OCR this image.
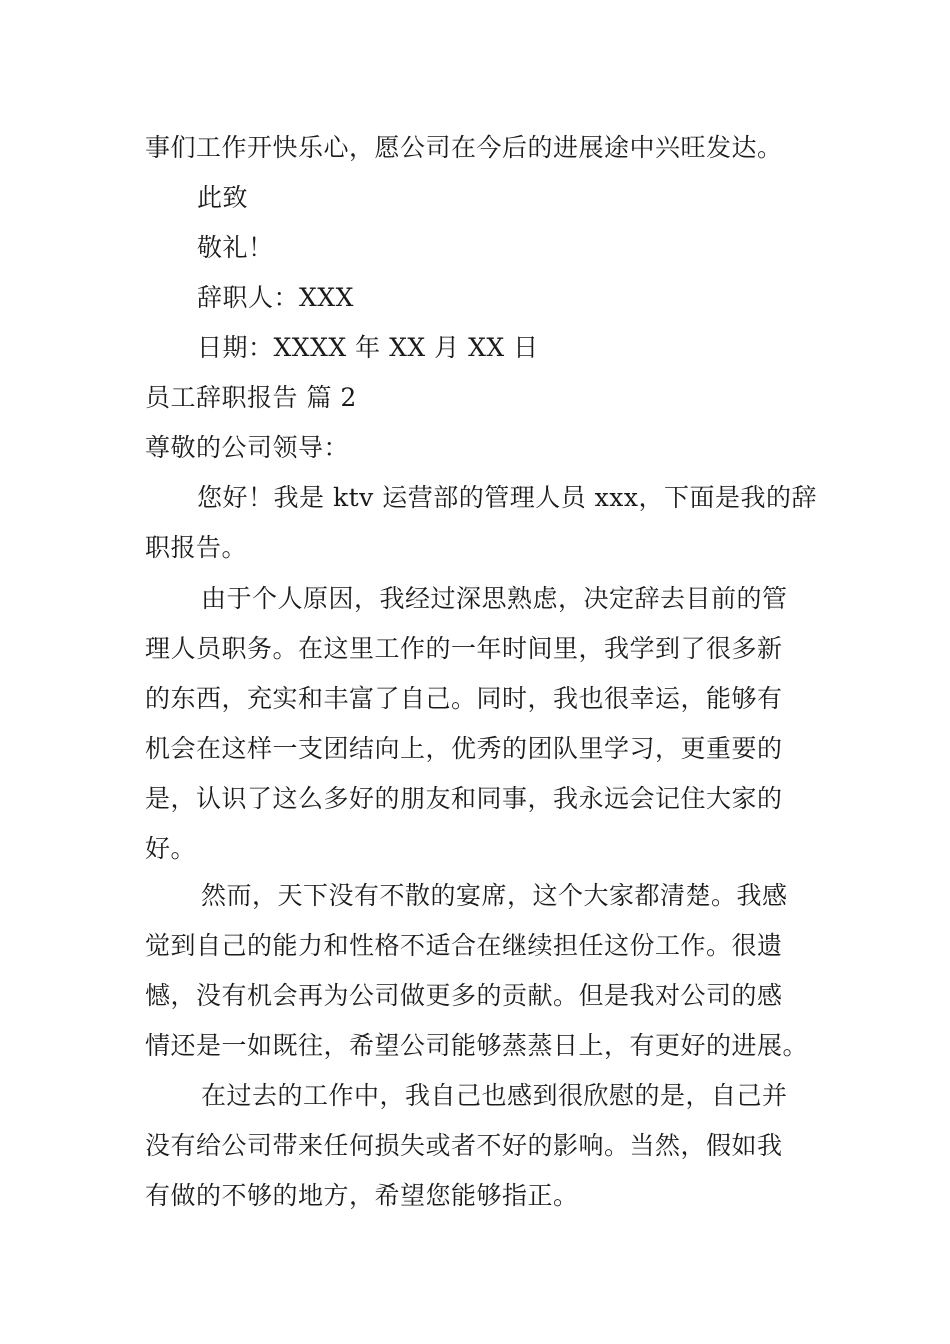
事们工作开快乐心，愿公司在今后的进展途中兴旺发达。
此致
敬礼！
辞职人：XXX
日期：XXXX 年 XX 月 XX 日
员工辞职报告 篇 2
尊敬的公司领导：
您好！我是 ktv 运营部的管理人员 xxx，下面是我的辞
职报告。
由于个人原因，我经过深思熟虑，决定辞去目前的管
理人员职务。在这里工作的一年时间里，我学到了很多新
的东西，充实和丰富了自己。同时，我也很幸运，能够有
机会在这样一支团结向上，优秀的团队里学习，更重要的
是，认识了这么多好的朋友和同事，我永远会记住大家的
好。
然而，天下没有不散的宴席，这个大家都清楚。我感
觉到自己的能力和性格不适合在继续担任这份工作。很遗
憾，没有机会再为公司做更多的贡献。但是我对公司的感
情还是一如既往，希望公司能够蒸蒸日上，有更好的进展。
在过去的工作中，我自己也感到很欣慰的是，自己并
没有给公司带来任何损失或者不好的影响。当然，假如我
有做的不够的地方，希望您能够指正。
